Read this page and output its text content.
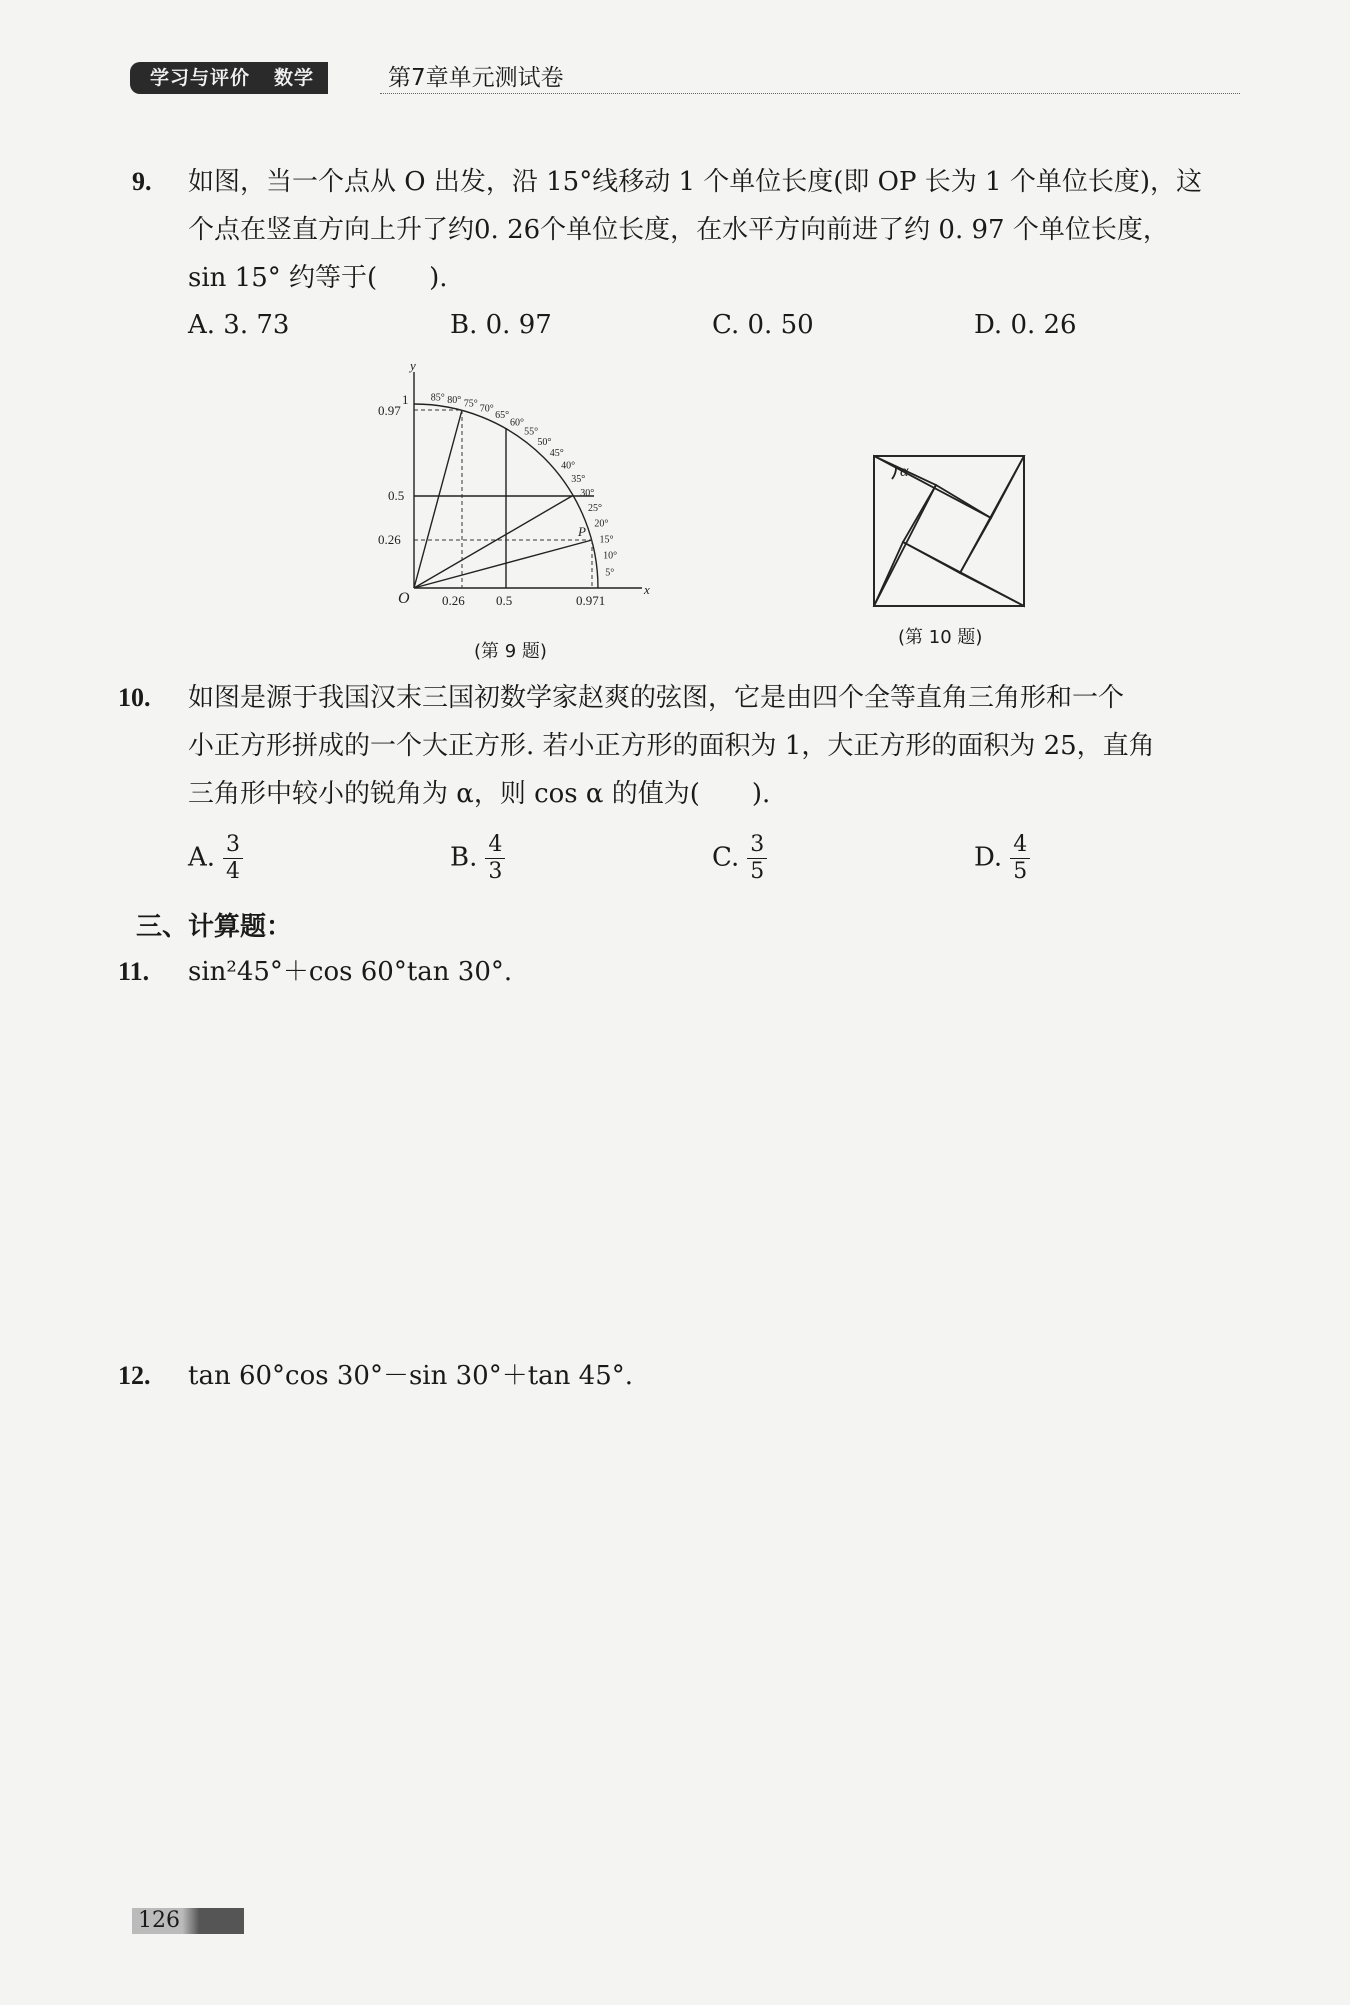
学习与评价 数学	第7章单元测试卷
9. 如图，当一个点从 O 出发，沿 15°线移动 1 个单位长度(即 OP 长为 1 个单位长度)，这
个点在竖直方向上升了约0. 26个单位长度，在水平方向前进了约 0. 97 个单位长度，
sin 15° 约等于(　　).
A. 3. 73	B. 0. 97	C. 0. 50	D. 0. 26
y
x
O
P
1
0.97
0.5
0.26
0.26 0.5	0.971
85° 80° 75° 70°
65°
60°
55°
50°
45°
40°
35°
30°
25°
20°
15°
10°
5°
(第 9 题)
α
(第 10 题)
10. 如图是源于我国汉末三国初数学家赵爽的弦图，它是由四个全等直角三角形和一个
小正方形拼成的一个大正方形. 若小正方形的面积为 1，大正方形的面积为 25，直角
三角形中较小的锐角为 α，则 cos α 的值为(　　).
A. $\frac{3}{4}$	B. $\frac{4}{3}$	C. $\frac{3}{5}$	D. $\frac{4}{5}$
三、计算题：
11. sin²45°＋cos 60°tan 30°.
12. tan 60°cos 30°－sin 30°＋tan 45°.
126
